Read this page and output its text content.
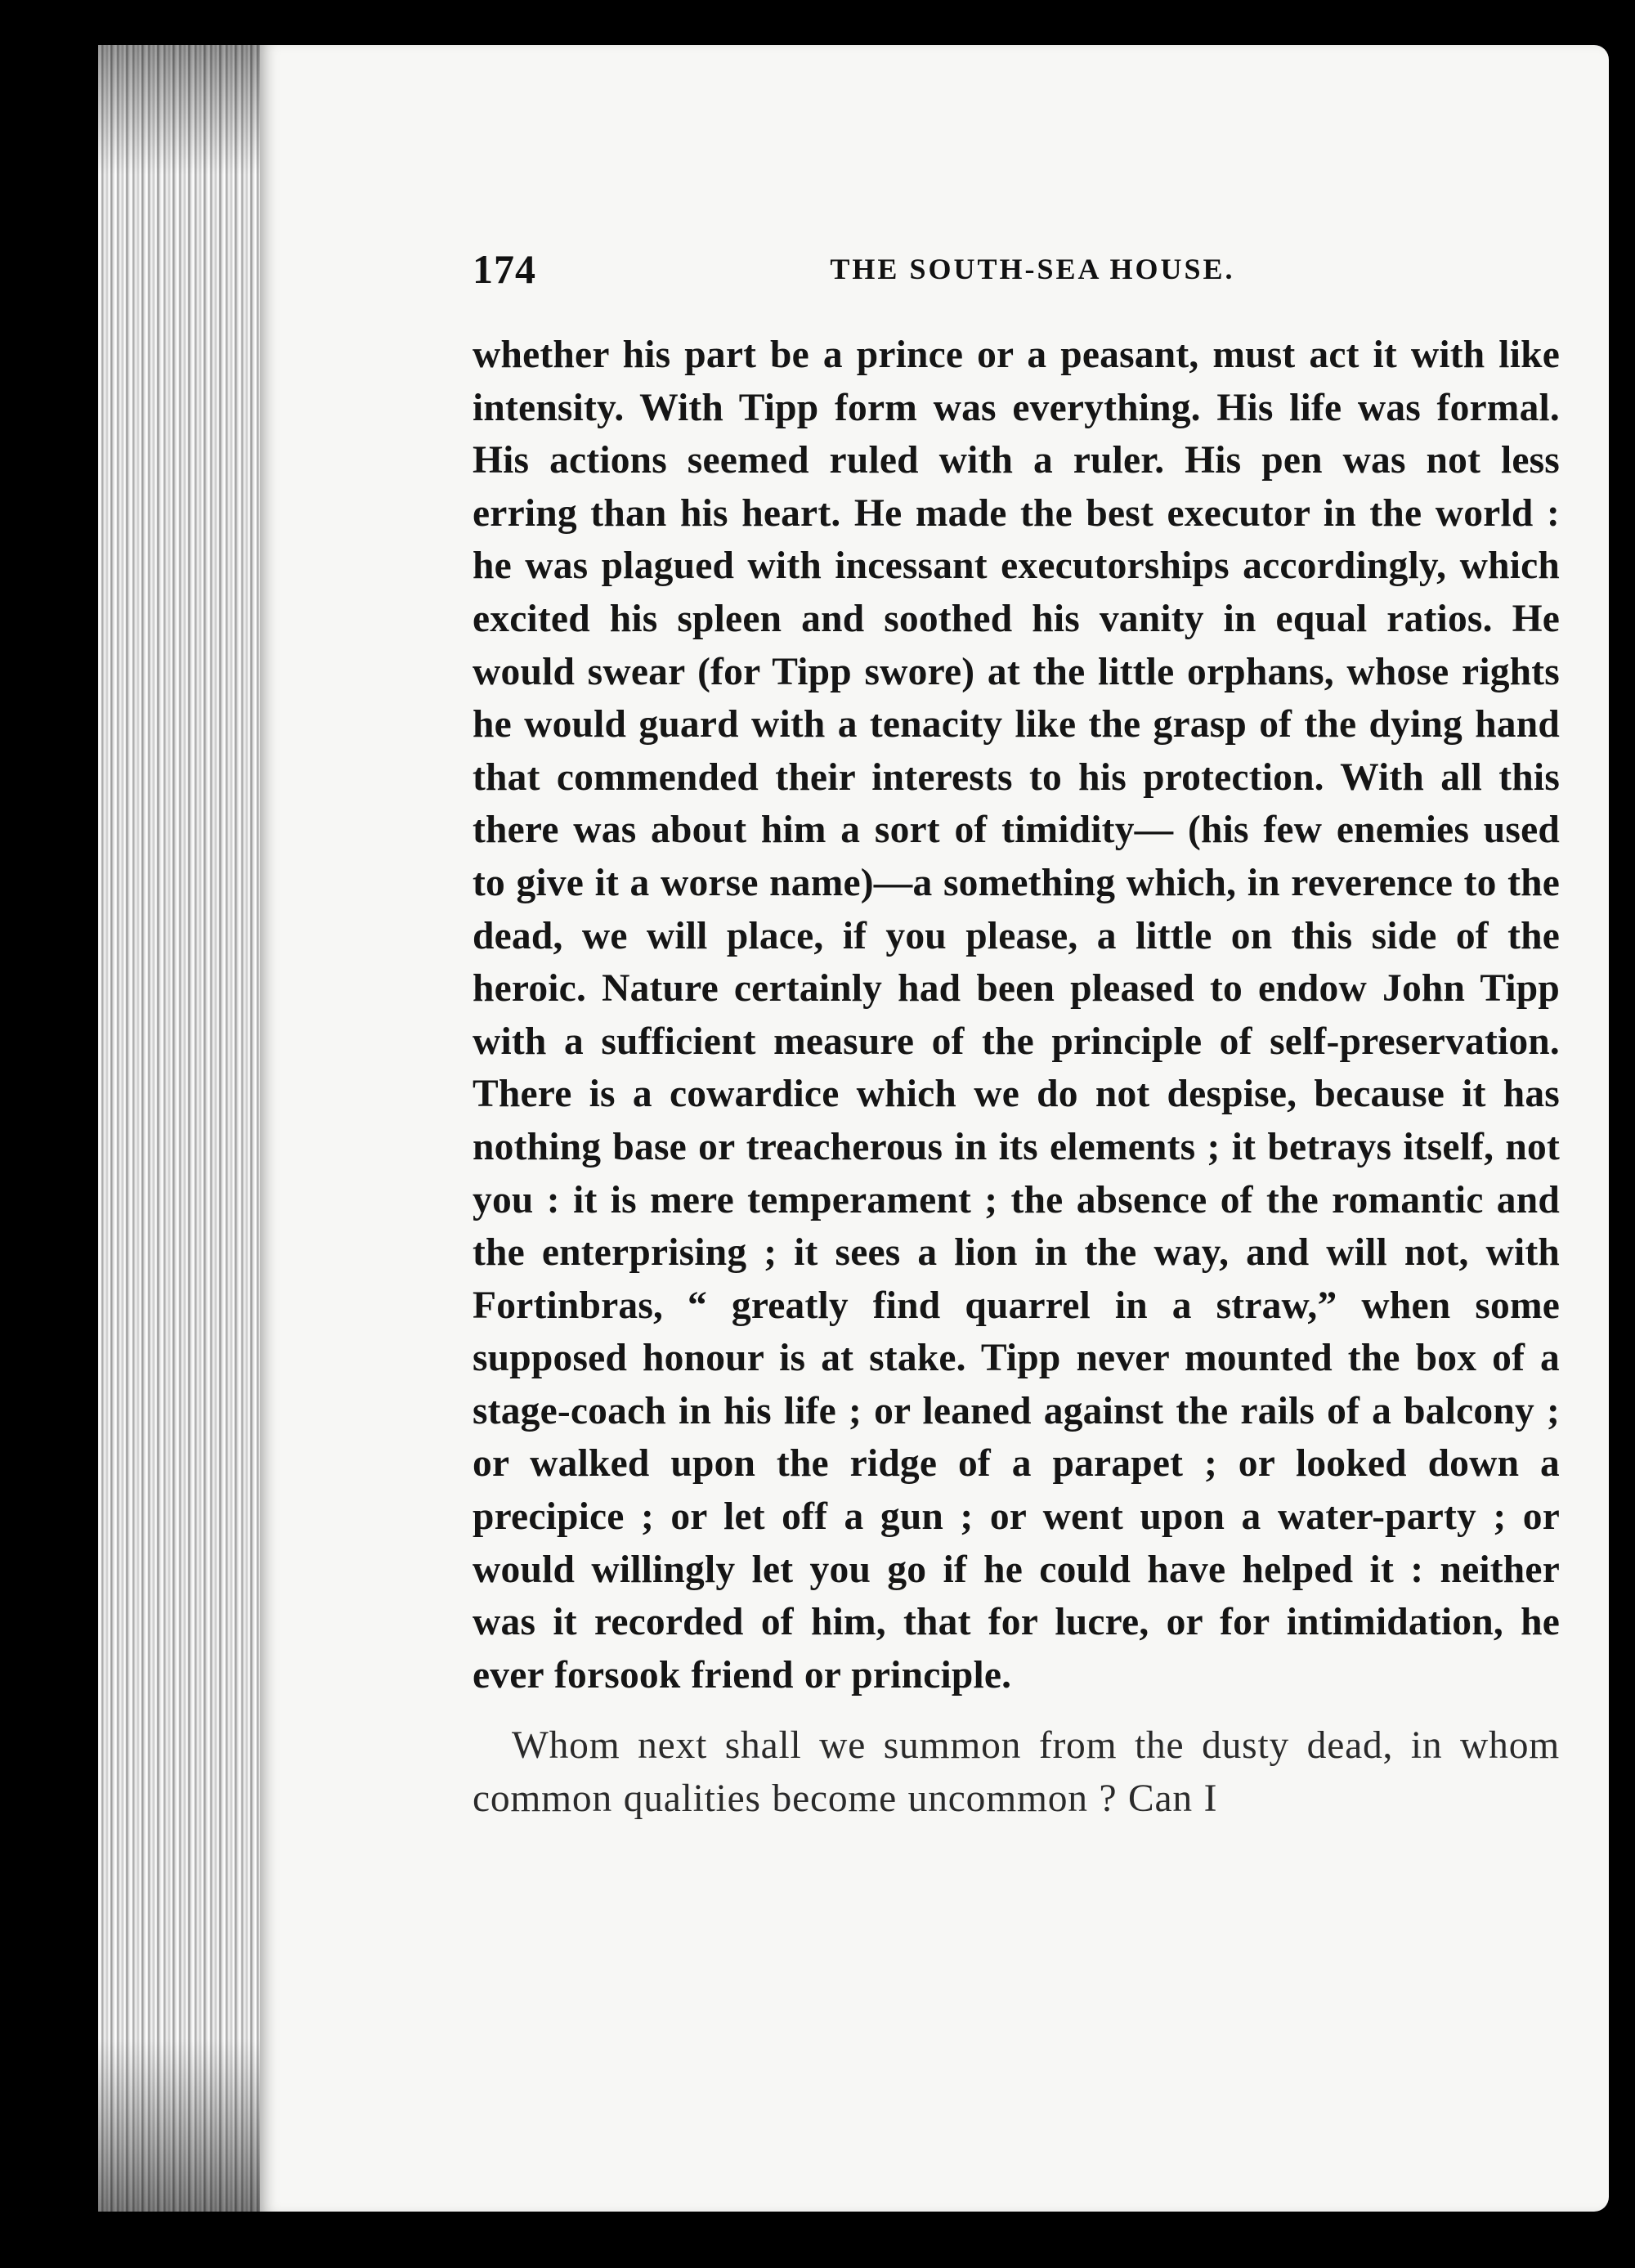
174	THE SOUTH-SEA HOUSE.

whether his part be a prince or a peasant, must act it with like intensity. With Tipp form was everything. His life was formal. His actions seemed ruled with a ruler. His pen was not less erring than his heart. He made the best executor in the world : he was plagued with incessant executorships accordingly, which excited his spleen and soothed his vanity in equal ratios. He would swear (for Tipp swore) at the little orphans, whose rights he would guard with a tenacity like the grasp of the dying hand that commended their interests to his protection. With all this there was about him a sort of timidity— (his few enemies used to give it a worse name)—a something which, in reverence to the dead, we will place, if you please, a little on this side of the heroic. Nature certainly had been pleased to endow John Tipp with a sufficient measure of the principle of self-preservation. There is a cowardice which we do not despise, because it has nothing base or treacherous in its elements ; it betrays itself, not you : it is mere temperament ; the absence of the romantic and the enterprising ; it sees a lion in the way, and will not, with Fortinbras, “ greatly find quarrel in a straw,” when some supposed honour is at stake. Tipp never mounted the box of a stage-coach in his life ; or leaned against the rails of a balcony ; or walked upon the ridge of a parapet ; or looked down a precipice ; or let off a gun ; or went upon a water-party ; or would willingly let you go if he could have helped it : neither was it recorded of him, that for lucre, or for intimidation, he ever forsook friend or principle.

Whom next shall we summon from the dusty dead, in whom common qualities become uncommon ? Can I
